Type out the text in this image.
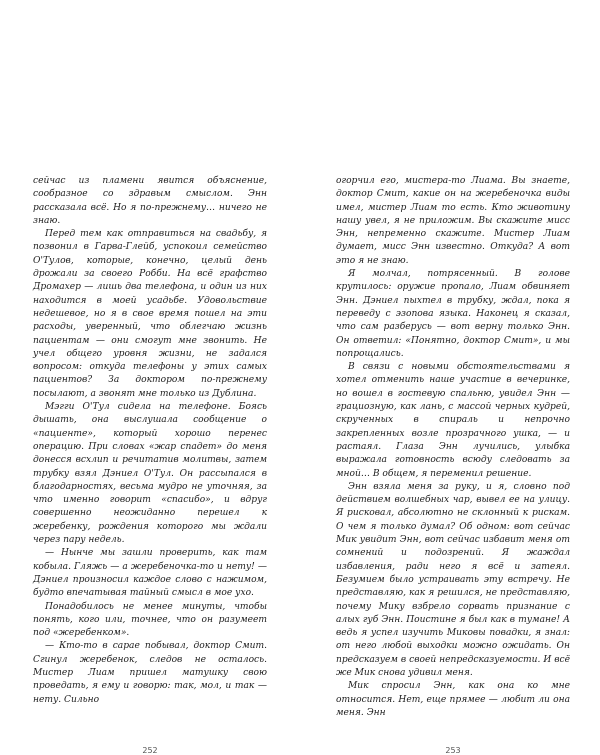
сейчас из пламени явится объяснение, сообразное со здравым смыслом. Энн рассказала всё. Но я по-прежнему… ничего не знаю.

Перед тем как отправиться на свадьбу, я позвонил в Гарва-Глейб, успокоил семейство О'Тулов, которые, конечно, целый день дрожали за своего Робби. На всё графство Дромахер — лишь два телефона, и один из них находится в моей усадьбе. Удовольствие недешевое, но я в свое время пошел на эти расходы, уверенный, что облегчаю жизнь пациентам — они смогут мне звонить. Не учел общего уровня жизни, не задался вопросом: откуда телефоны у этих самых пациентов? За доктором по-прежнему посылают, а звонят мне только из Дублина.

Мэгги О'Тул сидела на телефоне. Боясь дышать, она выслушала сообщение о «пациенте», который хорошо перенес операцию. При словах «жар спадет» до меня донесся всхлип и речитатив молитвы, затем трубку взял Дэниел О'Тул. Он рассыпался в благодарностях, весьма мудро не уточняя, за что именно говорит «спасибо», и вдруг совершенно неожиданно перешел к жеребенку, рождения которого мы ждали через пару недель.

— Нынче мы зашли проверить, как там кобыла. Гляжь — а жеребеночка-то и нету! — Дэниел произносил каждое слово с нажимом, будто впечатывая тайный смысл в мое ухо.

Понадобилось не менее минуты, чтобы понять, кого или, точнее, что он разумеет под «жеребенком».

— Кто-то в сарае побывал, доктор Смит. Сгинул жеребенок, следов не осталось. Мистер Лиам пришел матушку свою проведать, я ему и говорю: так, мол, и так — нету. Сильно

252

огорчил его, мистера-то Лиама. Вы знаете, доктор Смит, какие он на жеребеночка виды имел, мистер Лиам то есть. Кто животину нашу увел, я не приложим. Вы скажите мисс Энн, непременно скажите. Мистер Лиам думает, мисс Энн известно. Откуда? А вот это я не знаю.

Я молчал, потрясенный. В голове крутилось: оружие пропало, Лиам обвиняет Энн. Дэниел пыхтел в трубку, ждал, пока я переведу с эзопова языка. Наконец я сказал, что сам разберусь — вот верну только Энн. Он ответил: «Понятно, доктор Смит», и мы попрощались.

В связи с новыми обстоятельствами я хотел отменить наше участие в вечеринке, но вошел в гостевую спальню, увидел Энн — грациозную, как лань, с массой черных кудрей, скрученных в спираль и непрочно закрепленных возле прозрачного ушка, — и растаял. Глаза Энн лучились, улыбка выражала готовность всюду следовать за мной… В общем, я переменил решение.

Энн взяла меня за руку, и я, словно под действием волшебных чар, вывел ее на улицу. Я рисковал, абсолютно не склонный к рискам. О чем я только думал? Об одном: вот сейчас Мик увидит Энн, вот сейчас избавит меня от сомнений и подозрений. Я жаждал избавления, ради него я всё и затеял. Безумием было устраивать эту встречу. Не представляю, как я решился, не представляю, почему Мику взбрело сорвать признание с алых губ Энн. Поистине я был как в тумане! А ведь я успел изучить Миковы повадки, я знал: от него любой выходки можно ожидать. Он предсказуем в своей непредсказуемости. И всё же Мик снова удивил меня.

Мик спросил Энн, как она ко мне относится. Нет, еще прямее — любит ли она меня. Энн

253
